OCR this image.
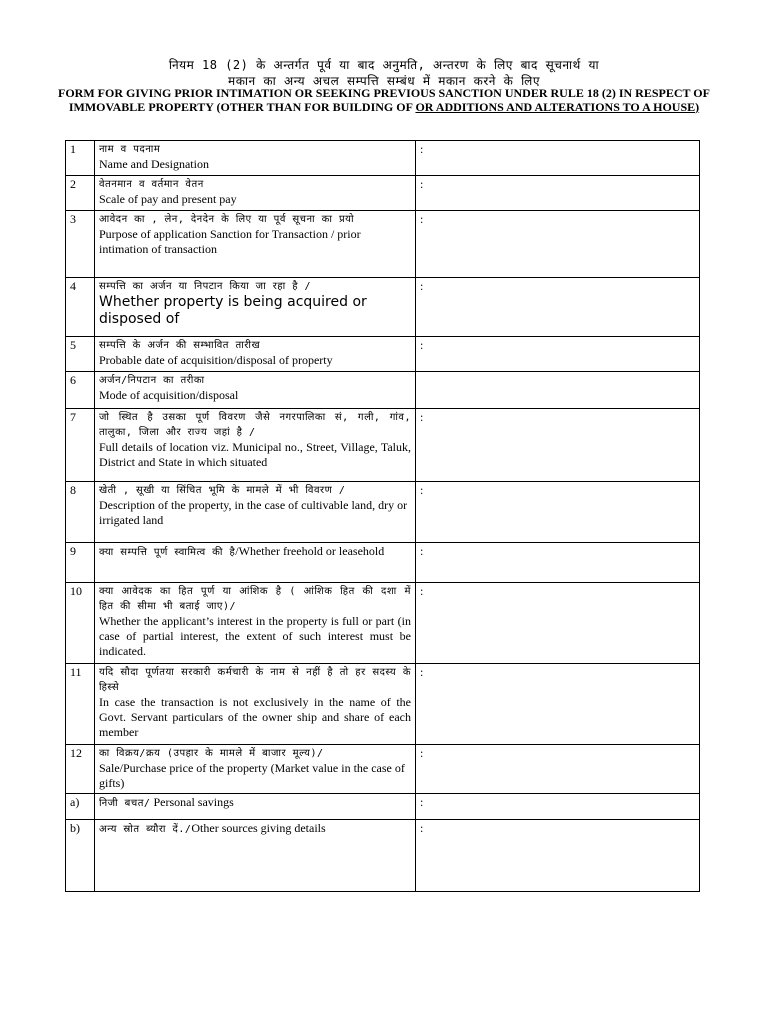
नियम 18 (2) के अन्तर्गत पूर्व या बाद अनुमति, अन्तरण के लिए बाद सूचनार्थ या
मकान का अन्य अचल सम्पत्ति सम्बंध में मकान करने के लिए
FORM FOR GIVING PRIOR INTIMATION OR SEEKING PREVIOUS SANCTION UNDER RULE 18 (2) IN RESPECT OF IMMOVABLE PROPERTY (OTHER THAN FOR BUILDING OF OR ADDITIONS AND ALTERATIONS TO A HOUSE)
1	नाम व पदनाम
Name and Designation	:
2	वेतनमान व वर्तमान वेतन
Scale of pay and present pay	:
3	आवेदन का , लेन, देनदेन के लिए या पूर्व सूचना का प्रयो
Purpose of application Sanction for Transaction / prior intimation of transaction	:
4	सम्पत्ति का अर्जन या निपटान किया जा रहा है /
Whether property is being acquired or disposed of	:
5	सम्पत्ति के अर्जन की सम्भावित तारीख
Probable date of acquisition/disposal of property	:
6	अर्जन/निपटान का तरीका
Mode of acquisition/disposal	

7	जो स्थित है उसका पूर्ण विवरण जैसे नगरपालिका सं, गली, गांव, तालुका, जिला और राज्य जहां है /
Full details of location viz. Municipal no., Street, Village, Taluk, District and State in which situated	:
8	खेती , सूखी या सिंचित भूमि के मामले में भी विवरण /
Description of the property, in the case of cultivable land, dry or irrigated land	:
9	क्या सम्पत्ति पूर्ण स्वामित्व की है/Whether freehold or leasehold	:
10	क्या आवेदक का हित पूर्ण या आंशिक है ( आंशिक हित की दशा में हित की सीमा भी बताई जाए)/
Whether the applicant’s interest in the property is full or part (in case of partial interest, the extent of such interest must be indicated.	:
11	यदि सौदा पूर्णतया सरकारी कर्मचारी के नाम से नहीं है तो हर सदस्य के हिस्से
In case the transaction is not exclusively in the name of the Govt. Servant particulars of the owner ship and share of each member	:
12	का विक्रय/क्रय (उपहार के मामले में बाजार मूल्य)/
Sale/Purchase price of the property (Market value in the case of gifts)	:
a)	निजी बचत/ Personal savings	:
b)	अन्य स्रोत ब्यौरा दें./Other sources giving details	:
